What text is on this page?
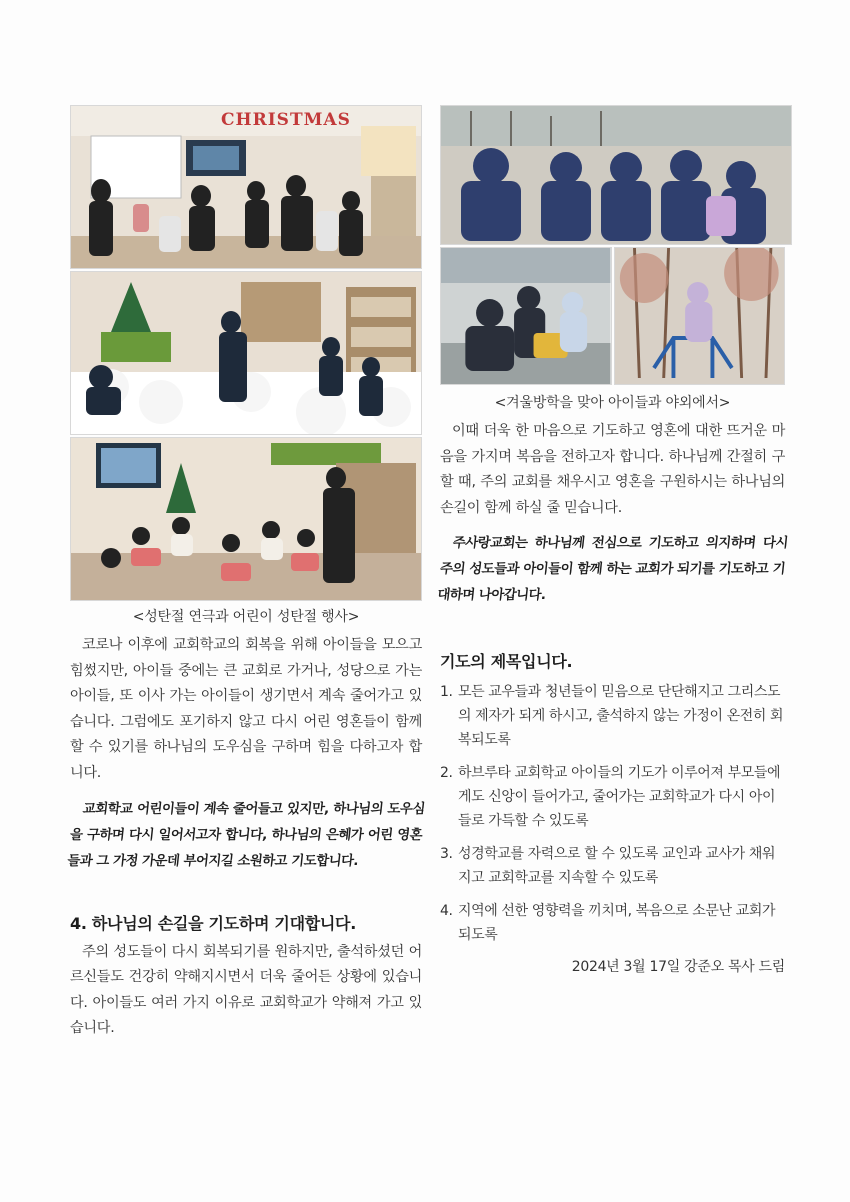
CHRISTMAS
<성탄절 연극과 어린이 성탄절 행사>

코로나 이후에 교회학교의 회복을 위해 아이들을 모으고 힘썼지만, 아이들 중에는 큰 교회로 가거나, 성당으로 가는 아이들, 또 이사 가는 아이들이 생기면서 계속 줄어가고 있습니다. 그럼에도 포기하지 않고 다시 어린 영혼들이 함께 할 수 있기를 하나님의 도우심을 구하며 힘을 다하고자 합니다.

교회학교 어린이들이 계속 줄어들고 있지만, 하나님의 도우심을 구하며 다시 일어서고자 합니다, 하나님의 은혜가 어린 영혼들과 그 가정 가운데 부어지길 소원하고 기도합니다.

4. 하나님의 손길을 기도하며 기대합니다.

주의 성도들이 다시 회복되기를 원하지만, 출석하셨던 어르신들도 건강히 약해지시면서 더욱 줄어든 상황에 있습니다. 아이들도 여러 가지 이유로 교회학교가 약해져 가고 있습니다.

<겨울방학을 맞아 아이들과 야외에서>

이때 더욱 한 마음으로 기도하고 영혼에 대한 뜨거운 마음을 가지며 복음을 전하고자 합니다. 하나님께 간절히 구할 때, 주의 교회를 채우시고 영혼을 구원하시는 하나님의 손길이 함께 하실 줄 믿습니다.

주사랑교회는 하나님께 전심으로 기도하고 의지하며 다시 주의 성도들과 아이들이 함께 하는 교회가 되기를 기도하고 기대하며 나아갑니다.

기도의 제목입니다.
1. 모든 교우들과 청년들이 믿음으로 단단해지고 그리스도의 제자가 되게 하시고, 출석하지 않는 가정이 온전히 회복되도록
2. 하브루타 교회학교 아이들의 기도가 이루어져 부모들에게도 신앙이 들어가고, 줄어가는 교회학교가 다시 아이들로 가득할 수 있도록
3. 성경학교를 자력으로 할 수 있도록 교인과 교사가 채워지고 교회학교를 지속할 수 있도록
4. 지역에 선한 영향력을 끼치며, 복음으로 소문난 교회가 되도록
2024년 3월 17일 강준오 목사 드림
